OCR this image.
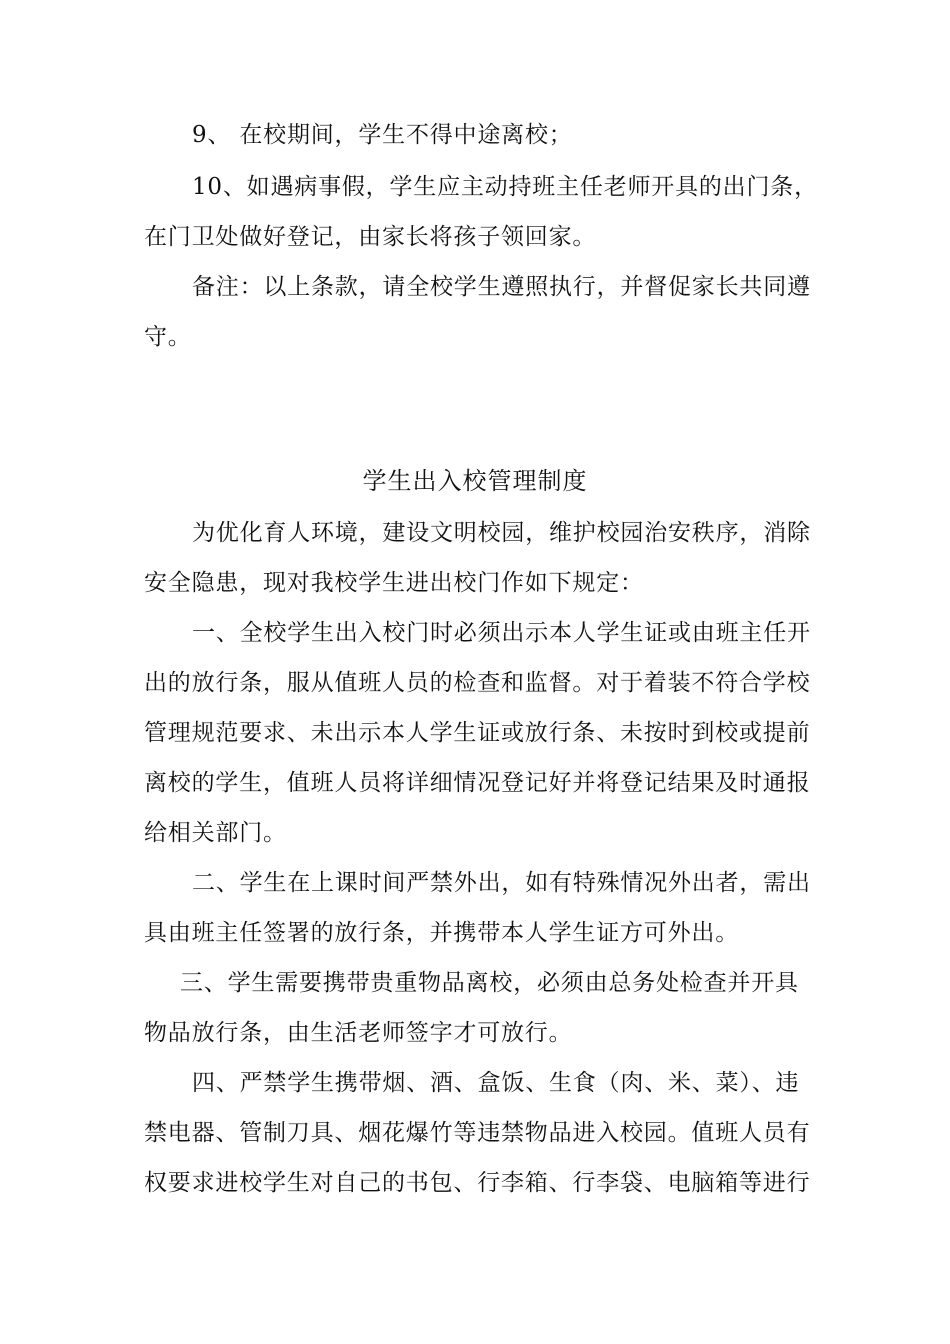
9、 在校期间，学生不得中途离校；
10、如遇病事假，学生应主动持班主任老师开具的出门条，
在门卫处做好登记，由家长将孩子领回家。
备注：以上条款，请全校学生遵照执行，并督促家长共同遵
守。
学生出入校管理制度
为优化育人环境，建设文明校园，维护校园治安秩序，消除
安全隐患，现对我校学生进出校门作如下规定：
一、全校学生出入校门时必须出示本人学生证或由班主任开
出的放行条，服从值班人员的检查和监督。对于着装不符合学校
管理规范要求、未出示本人学生证或放行条、未按时到校或提前
离校的学生，值班人员将详细情况登记好并将登记结果及时通报
给相关部门。
二、学生在上课时间严禁外出，如有特殊情况外出者，需出
具由班主任签署的放行条，并携带本人学生证方可外出。
三、学生需要携带贵重物品离校，必须由总务处检查并开具
物品放行条，由生活老师签字才可放行。
四、严禁学生携带烟、酒、盒饭、生食（肉、米、菜）、违
禁电器、管制刀具、烟花爆竹等违禁物品进入校园。值班人员有
权要求进校学生对自己的书包、行李箱、行李袋、电脑箱等进行
